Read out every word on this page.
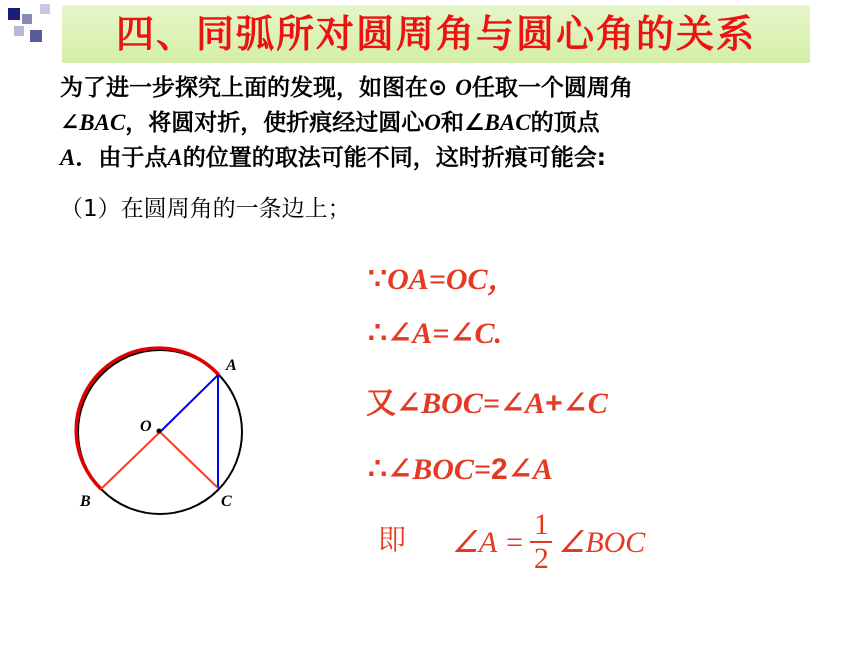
四、同弧所对圆周角与圆心角的关系
为了进一步探究上面的发现，如图在⊙ O任取一个圆周角
∠BAC，将圆对折，使折痕经过圆心O和∠BAC的顶点
A．由于点A的位置的取法可能不同，这时折痕可能会:
（1）在圆周角的一条边上；
A
O
B	C
∵OA=OC，
∴∠A=∠C.
又∠BOC=∠A+∠C
∴∠BOC=2∠A
即 ∠A =
1
2 ∠BOC
